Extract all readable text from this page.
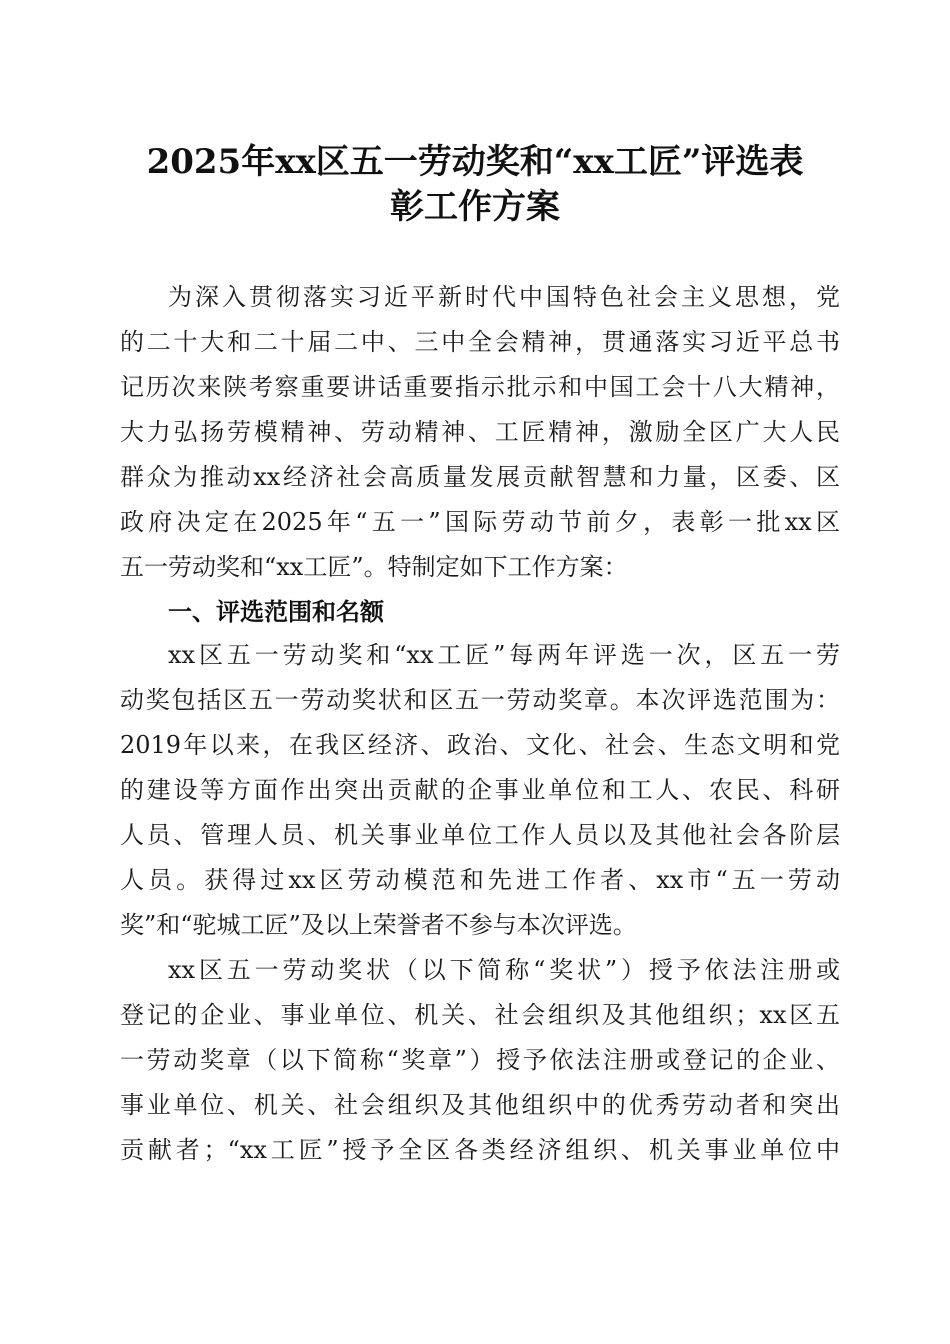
2025年xx区五一劳动奖和“xx工匠”评选表
彰工作方案
为深入贯彻落实习近平新时代中国特色社会主义思想，党
的二十大和二十届二中、三中全会精神，贯通落实习近平总书
记历次来陕考察重要讲话重要指示批示和中国工会十八大精神，
大力弘扬劳模精神、劳动精神、工匠精神，激励全区广大人民
群众为推动xx经济社会高质量发展贡献智慧和力量，区委、区
政府决定在2025年“五一”国际劳动节前夕，表彰一批xx区
五一劳动奖和“xx工匠”。特制定如下工作方案：
一、评选范围和名额
xx区五一劳动奖和“xx工匠”每两年评选一次，区五一劳
动奖包括区五一劳动奖状和区五一劳动奖章。本次评选范围为：
2019年以来，在我区经济、政治、文化、社会、生态文明和党
的建设等方面作出突出贡献的企事业单位和工人、农民、科研
人员、管理人员、机关事业单位工作人员以及其他社会各阶层
人员。获得过xx区劳动模范和先进工作者、xx市“五一劳动
奖”和“驼城工匠”及以上荣誉者不参与本次评选。
xx区五一劳动奖状（以下简称“奖状”）授予依法注册或
登记的企业、事业单位、机关、社会组织及其他组织；xx区五
一劳动奖章（以下简称“奖章”）授予依法注册或登记的企业、
事业单位、机关、社会组织及其他组织中的优秀劳动者和突出
贡献者；“xx工匠”授予全区各类经济组织、机关事业单位中
